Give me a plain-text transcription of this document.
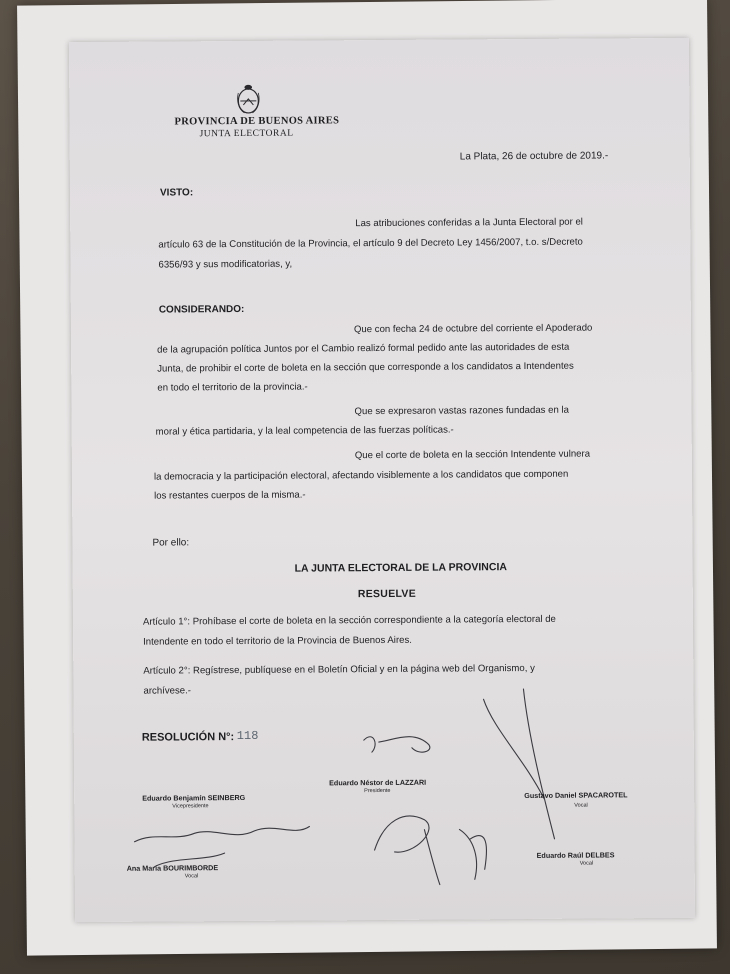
PROVINCIA DE BUENOS AIRES
JUNTA ELECTORAL
La Plata, 26 de octubre de 2019.-
VISTO:
Las atribuciones conferidas a la Junta Electoral por el
artículo 63 de la Constitución de la Provincia, el artículo 9 del Decreto Ley 1456/2007, t.o. s/Decreto
6356/93 y sus modificatorias, y,
CONSIDERANDO:
Que con fecha 24 de octubre del corriente el Apoderado
de la agrupación política Juntos por el Cambio realizó formal pedido ante las autoridades de esta
Junta, de prohibir el corte de boleta en la sección que corresponde a los candidatos a Intendentes
en todo el territorio de la provincia.-
Que se expresaron vastas razones fundadas en la
moral y ética partidaria, y la leal competencia de las fuerzas políticas.-
Que el corte de boleta en la sección Intendente vulnera
la democracia y la participación electoral, afectando visiblemente a los candidatos que componen
los restantes cuerpos de la misma.-
Por ello:
LA JUNTA ELECTORAL DE LA PROVINCIA
RESUELVE
Artículo 1°: Prohíbase el corte de boleta en la sección correspondiente a la categoría electoral de
Intendente en todo el territorio de la Provincia de Buenos Aires.
Artículo 2°: Regístrese, publíquese en el Boletín Oficial y en la página web del Organismo, y
archívese.-
RESOLUCIÓN N°: 118
Eduardo Benjamín SEINBERG
Vicepresidente
Eduardo Néstor de LAZZARI
Presidente	Gustavo Daniel SPACAROTEL
Vocal
Ana María BOURIMBORDE
Vocal
Eduardo Raúl DELBES
Vocal
